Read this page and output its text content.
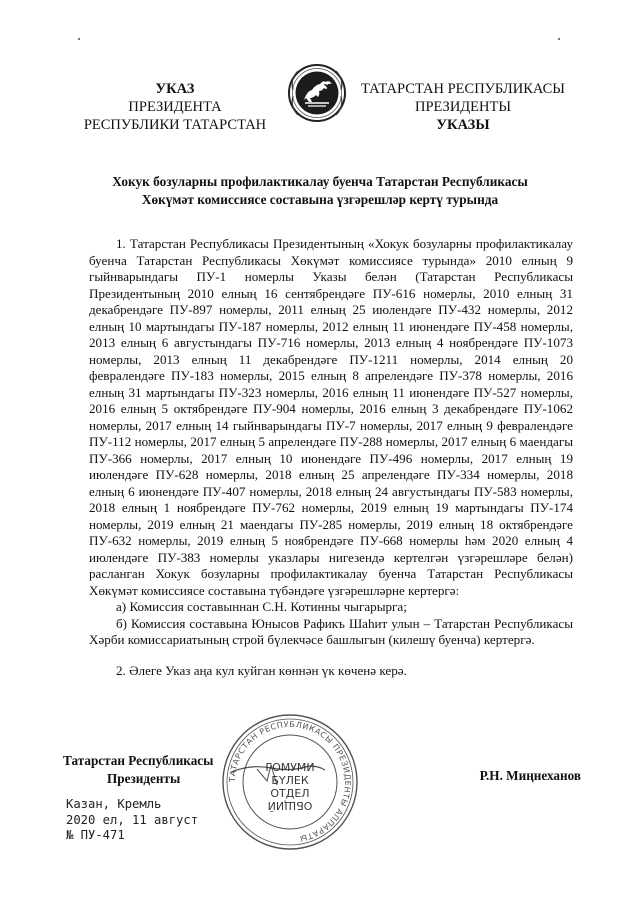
УКАЗ
ПРЕЗИДЕНТА
РЕСПУБЛИКИ ТАТАРСТАН
ТАТАРСТАН РЕСПУБЛИКАСЫ
ПРЕЗИДЕНТЫ
УКАЗЫ
Хокук бозуларны профилактикалау буенча Татарстан Республикасы
Хөкүмәт комиссиясе составына үзгәрешләр кертү турында

1. Татарстан Республикасы Президентының «Хокук бозуларны профилактикалау буенча Татарстан Республикасы Хөкүмәт комиссиясе турында» 2010 елның 9 гыйнварындагы ПУ-1 номерлы Указы белән (Татарстан Республикасы Президентының 2010 елның 16 сентябрендәге ПУ-616 номерлы, 2010 елның 31 декабрендәге ПУ-897 номерлы, 2011 елның 25 июлендәге ПУ-432 номерлы, 2012 елның 10 мартындагы ПУ-187 номерлы, 2012 елның 11 июнендәге ПУ-458 номерлы, 2013 елның 6 августындагы ПУ-716 номерлы, 2013 елның 4 ноябрендәге ПУ-1073 номерлы, 2013 елның 11 декабрендәге ПУ-1211 номерлы, 2014 елның 20 февралендәге ПУ-183 номерлы, 2015 елның 8 апрелендәге ПУ-378 номерлы, 2016 елның 31 мартындагы ПУ-323 номерлы, 2016 елның 11 июнендәге ПУ-527 номерлы, 2016 елның 5 октябрендәге ПУ-904 номерлы, 2016 елның 3 декабрендәге ПУ-1062 номерлы, 2017 елның 14 гыйнварындагы ПУ-7 номерлы, 2017 елның 9 февралендәге ПУ-112 номерлы, 2017 елның 5 апрелендәге ПУ-288 номерлы, 2017 елның 6 маендагы ПУ-366 номерлы, 2017 елның 10 июнендәге ПУ-496 номерлы, 2017 елның 19 июлендәге ПУ-628 номерлы, 2018 елның 25 апрелендәге ПУ-334 номерлы, 2018 елның 6 июнендәге ПУ-407 номерлы, 2018 елның 24 августындагы ПУ-583 номерлы, 2018 елның 1 ноябрендәге ПУ-762 номерлы, 2019 елның 19 мартындагы ПУ-174 номерлы, 2019 елның 21 маендагы ПУ-285 номерлы, 2019 елның 18 октябрендәге ПУ-632 номерлы, 2019 елның 5 ноябрендәге ПУ-668 номерлы һәм 2020 елның 4 июлендәге ПУ-383 номерлы указлары нигезендә кертелгән үзгәрешләре белән) расланган Хокук бозуларны профилактикалау буенча Татарстан Республикасы Хөкүмәт комиссиясе составына түбәндәге үзгәрешләрне кертергә:

а) Комиссия составыннан С.Н. Котинны чыгарырга;

б) Комиссия составына Юнысов Рафикъ Шаһит улын – Татарстан Республикасы Хәрби комиссариатының строй бүлекчәсе башлыгын (килешү буенча) кертергә.

2. Әлеге Указ аңа кул куйган көннән үк көченә керә.

Татарстан Республикасы
Президенты	Р.Н. Миңнеханов
Казан, Кремль
2020 ел, 11 август
№ ПУ-471
ТАТАРСТАН РЕСПУБЛИКАСЫ ПРЕЗИДЕНТЫ АППАРАТЫ
ГОМУМИ
БҮЛЕК
ОТДЕЛ
ОБЩИЙ
